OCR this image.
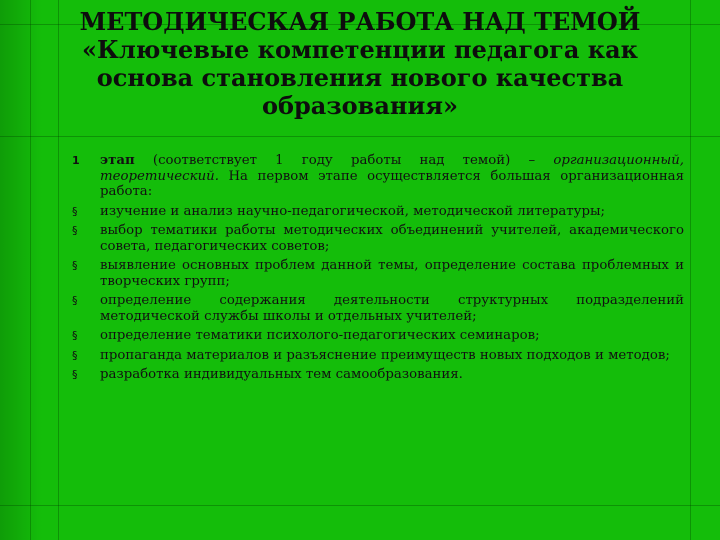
МЕТОДИЧЕСКАЯ РАБОТА НАД ТЕМОЙ
«Ключевые компетенции педагога как
основа становления нового качества
образования»
1	этап (соответствует 1 году работы над темой) – организационный, теоретический. На первом этапе осуществляется большая организационная работа:
§	изучение и анализ научно-педагогической, методической литературы;
§	выбор тематики работы методических объединений учителей, академического совета, педагогических советов;
§	выявление основных проблем данной темы, определение состава проблемных и творческих групп;
§	определение содержания деятельности структурных подразделений методической службы школы и отдельных учителей;
§	определение тематики психолого-педагогических семинаров;
§	пропаганда материалов и разъяснение преимуществ новых подходов и методов;
§	разработка индивидуальных тем самообразования.
